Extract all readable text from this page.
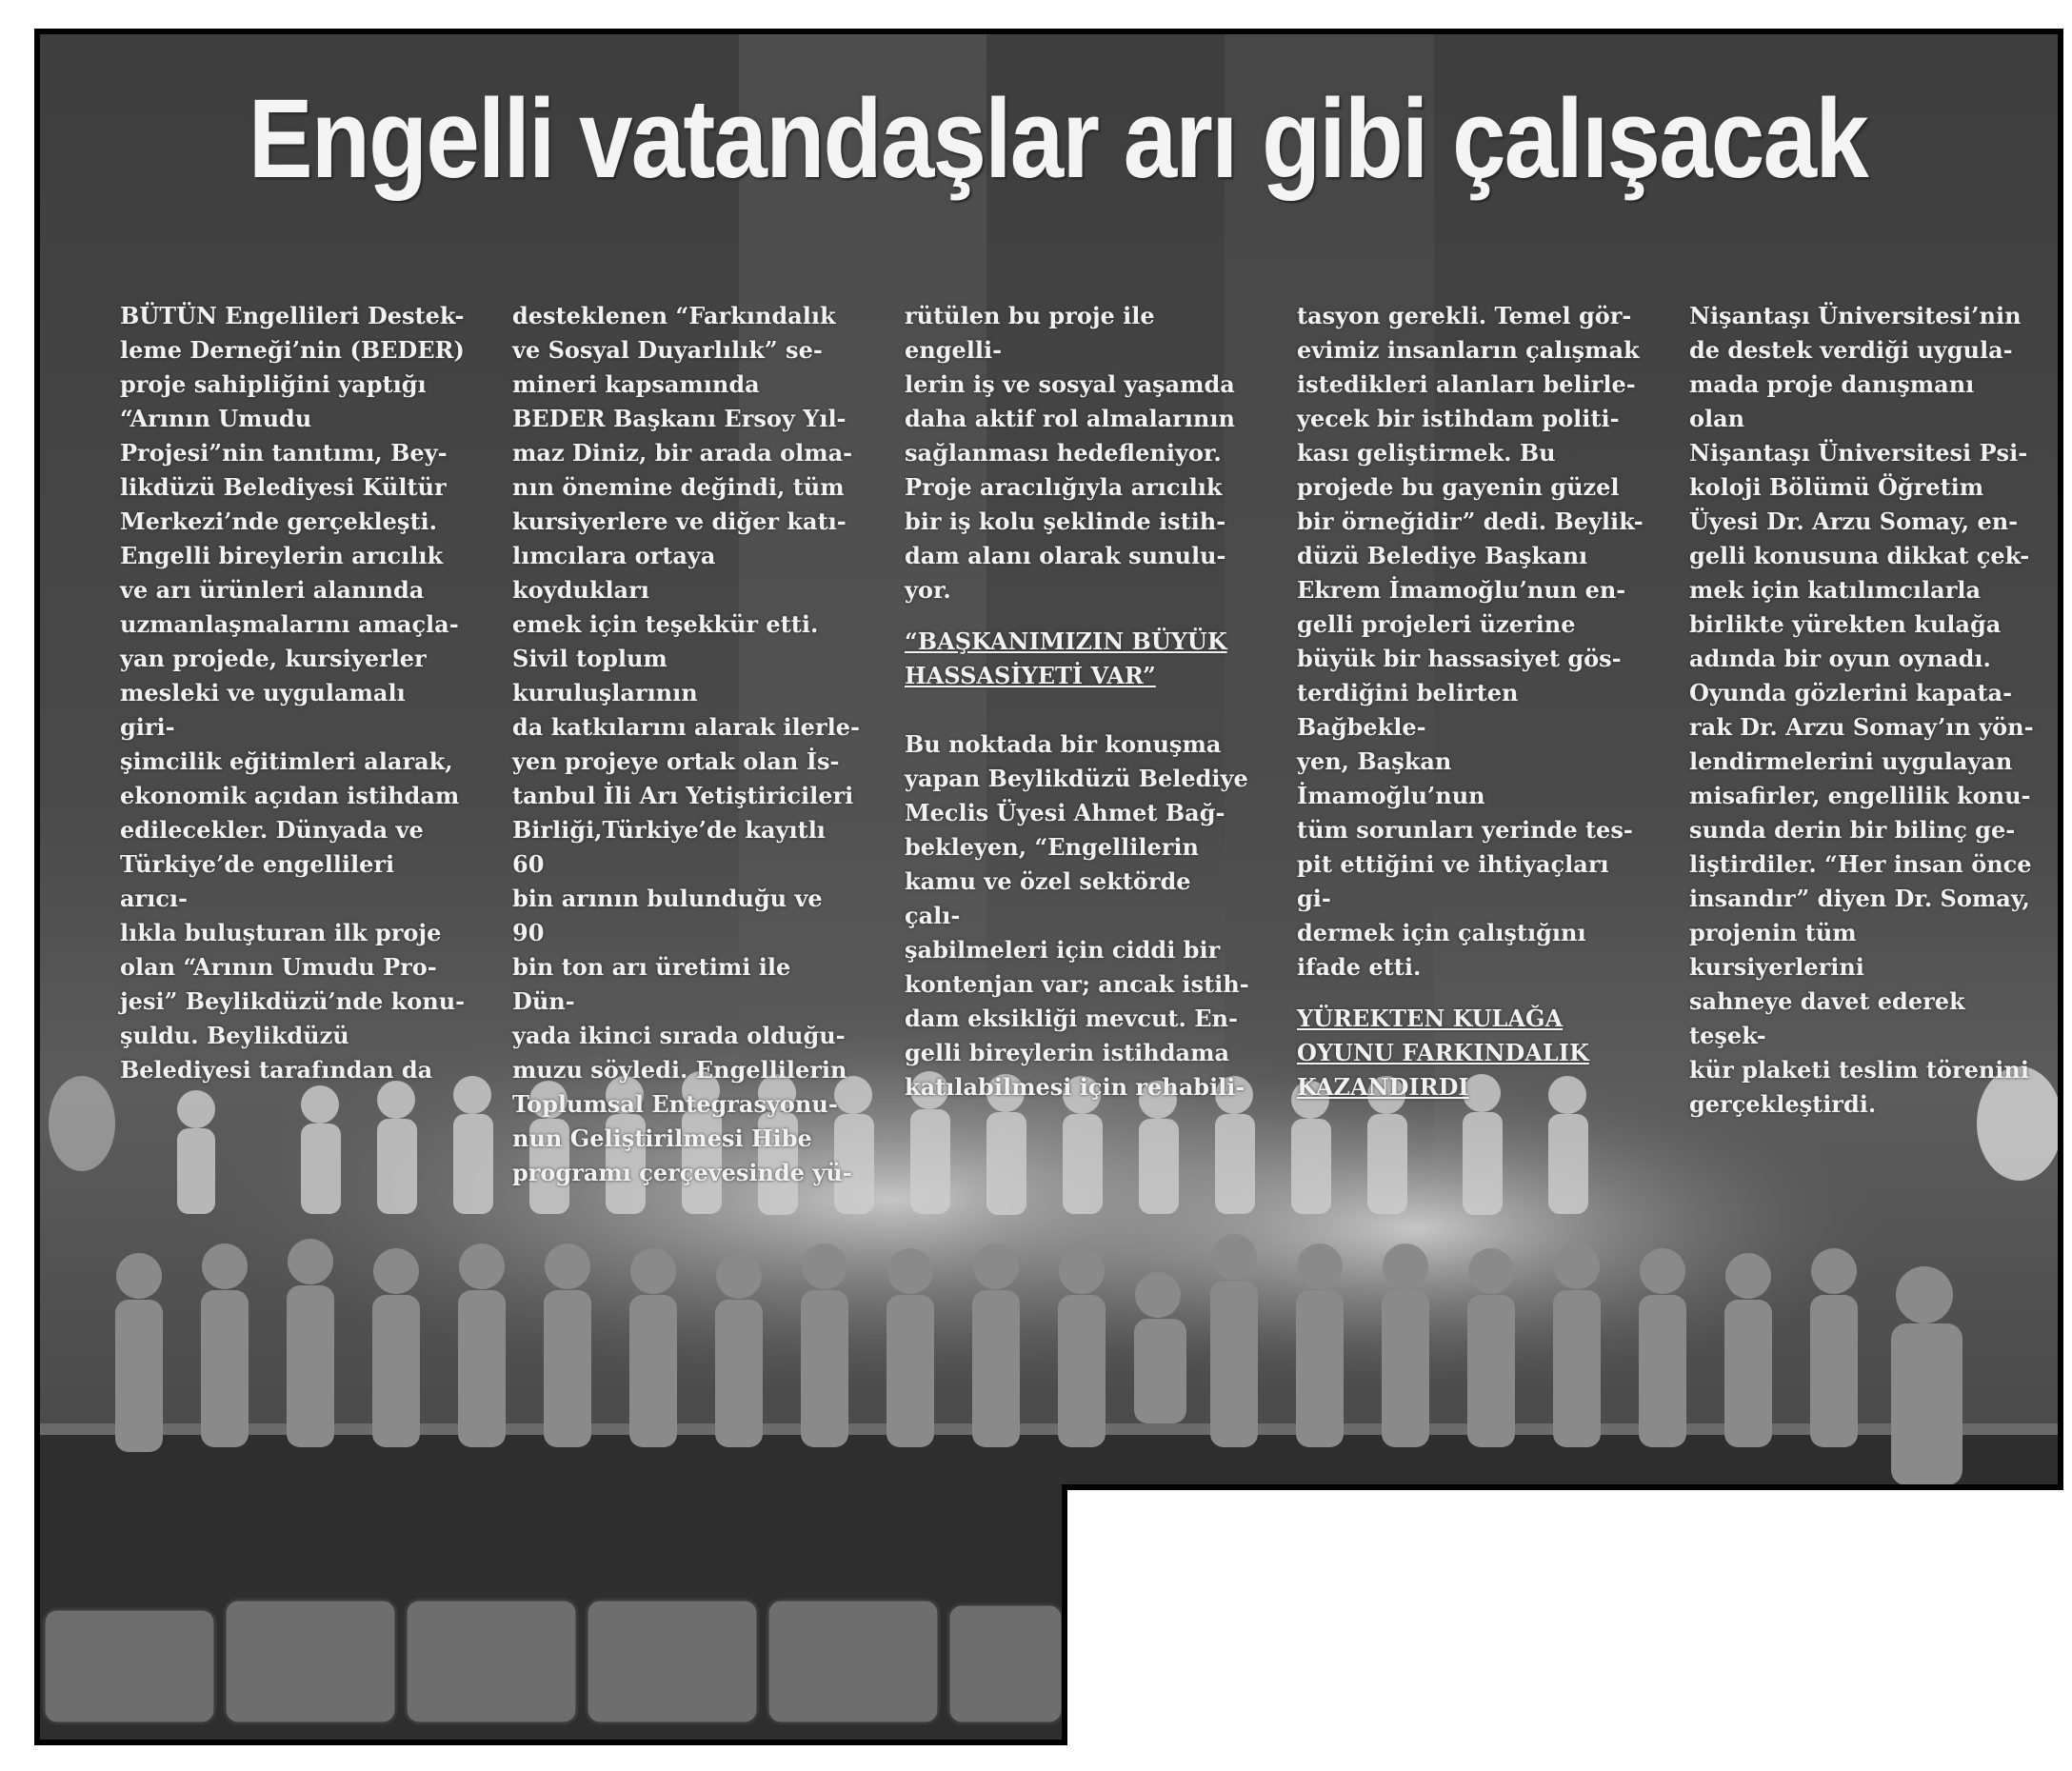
Engelli vatandaşlar arı gibi çalışacak

BÜTÜN Engellileri Destek-
leme Derneği’nin (BEDER)
proje sahipliğini yaptığı
“Arının Umudu
Projesi”nin tanıtımı, Bey-
likdüzü Belediyesi Kültür
Merkezi’nde gerçekleşti.
Engelli bireylerin arıcılık
ve arı ürünleri alanında
uzmanlaşmalarını amaçla-
yan projede, kursiyerler
mesleki ve uygulamalı giri-
şimcilik eğitimleri alarak,
ekonomik açıdan istihdam
edilecekler. Dünyada ve
Türkiye’de engellileri arıcı-
lıkla buluşturan ilk proje
olan “Arının Umudu Pro-
jesi” Beylikdüzü’nde konu-
şuldu. Beylikdüzü
Belediyesi tarafından da

desteklenen “Farkındalık
ve Sosyal Duyarlılık” se-
mineri kapsamında
BEDER Başkanı Ersoy Yıl-
maz Diniz, bir arada olma-
nın önemine değindi, tüm
kursiyerlere ve diğer katı-
lımcılara ortaya koydukları
emek için teşekkür etti.
Sivil toplum kuruluşlarının
da katkılarını alarak ilerle-
yen projeye ortak olan İs-
tanbul İli Arı Yetiştiricileri
Birliği,Türkiye’de kayıtlı 60
bin arının bulunduğu ve 90
bin ton arı üretimi ile Dün-
yada ikinci sırada olduğu-
muzu söyledi. Engellilerin
Toplumsal Entegrasyonu-
nun Geliştirilmesi Hibe
programı çerçevesinde yü-

rütülen bu proje ile engelli-
lerin iş ve sosyal yaşamda
daha aktif rol almalarının
sağlanması hedefleniyor.
Proje aracılığıyla arıcılık
bir iş kolu şeklinde istih-
dam alanı olarak sunulu-
yor.

“BAŞKANIMIZIN BÜYÜK
HASSASİYETİ VAR”

Bu noktada bir konuşma
yapan Beylikdüzü Belediye
Meclis Üyesi Ahmet Bağ-
bekleyen, “Engellilerin
kamu ve özel sektörde çalı-
şabilmeleri için ciddi bir
kontenjan var; ancak istih-
dam eksikliği mevcut. En-
gelli bireylerin istihdama
katılabilmesi için rehabili-

tasyon gerekli. Temel gör-
evimiz insanların çalışmak
istedikleri alanları belirle-
yecek bir istihdam politi-
kası geliştirmek. Bu
projede bu gayenin güzel
bir örneğidir” dedi. Beylik-
düzü Belediye Başkanı
Ekrem İmamoğlu’nun en-
gelli projeleri üzerine
büyük bir hassasiyet gös-
terdiğini belirten Bağbekle-
yen, Başkan İmamoğlu’nun
tüm sorunları yerinde tes-
pit ettiğini ve ihtiyaçları gi-
dermek için çalıştığını
ifade etti.

YÜREKTEN KULAĞA
OYUNU FARKINDALIK
KAZANDIRDI

Nişantaşı Üniversitesi’nin
de destek verdiği uygula-
mada proje danışmanı olan
Nişantaşı Üniversitesi Psi-
koloji Bölümü Öğretim
Üyesi Dr. Arzu Somay, en-
gelli konusuna dikkat çek-
mek için katılımcılarla
birlikte yürekten kulağa
adında bir oyun oynadı.
Oyunda gözlerini kapata-
rak Dr. Arzu Somay’ın yön-
lendirmelerini uygulayan
misafirler, engellilik konu-
sunda derin bir bilinç ge-
liştirdiler. “Her insan önce
insandır” diyen Dr. Somay,
projenin tüm kursiyerlerini
sahneye davet ederek teşek-
kür plaketi teslim törenini
gerçekleştirdi.
